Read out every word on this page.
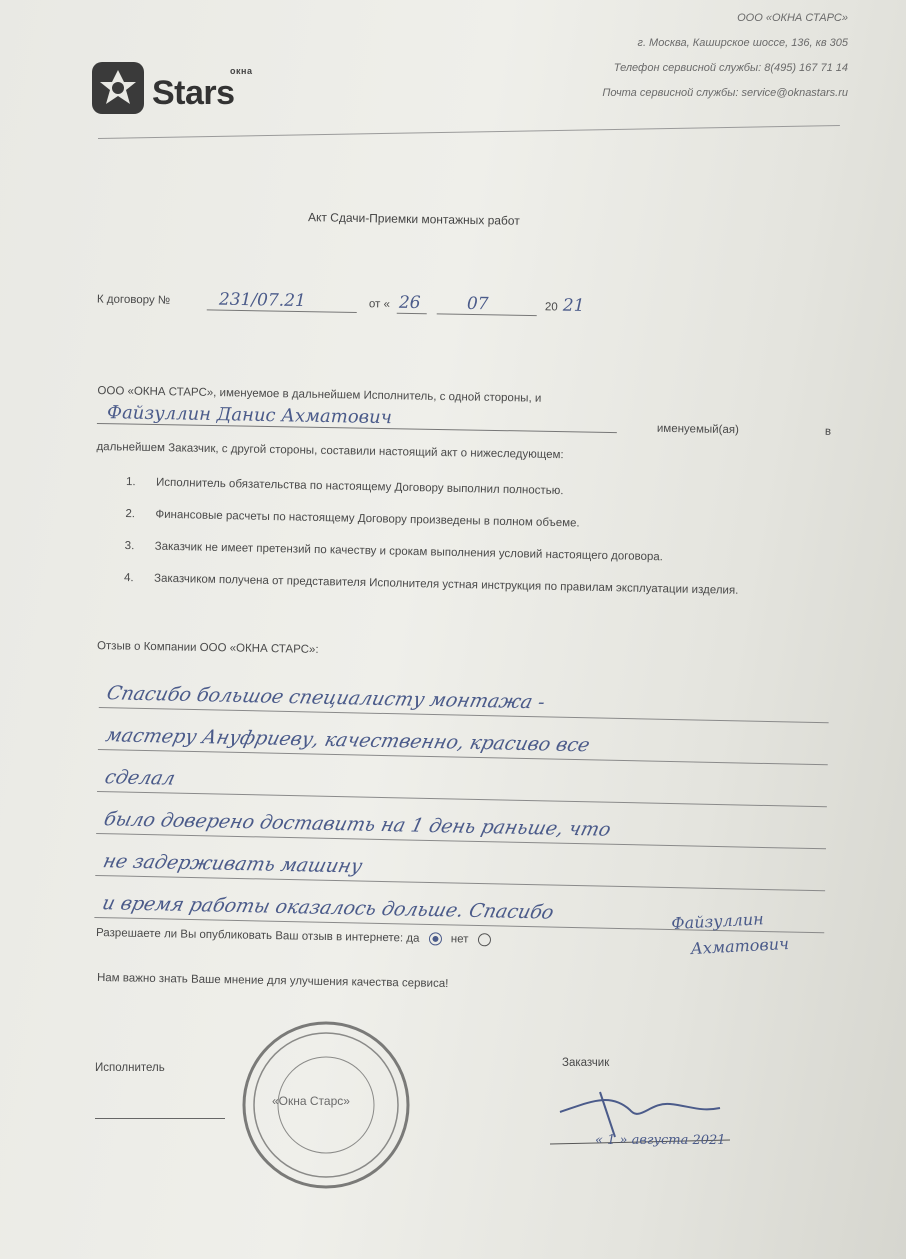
окна
Stars
ООО «ОКНА СТАРС»
г. Москва, Каширское шоссе, 136, кв 305
Телефон сервисной службы: 8(495) 167 71 14
Почта сервисной службы: service@oknastars.ru
Акт Сдачи-Приемки монтажных работ
К договору №	231/07.21	от « 26	07	20 21
ООО «ОКНА СТАРС», именуемое в дальнейшем Исполнитель, с одной стороны, и
Файзуллин Данис Ахматович
именуемый(ая)	в
дальнейшем Заказчик, с другой стороны, составили настоящий акт о нижеследующем:
1. Исполнитель обязательства по настоящему Договору выполнил полностью.
2. Финансовые расчеты по настоящему Договору произведены в полном объеме.
3. Заказчик не имеет претензий по качеству и срокам выполнения условий настоящего договора.
4. Заказчиком получена от представителя Исполнителя устная инструкция по правилам эксплуатации изделия.
Отзыв о Компании ООО «ОКНА СТАРС»:
Спасибо большое специалисту монтажа -
мастеру Ануфриеву, качественно, красиво все
сделал
было доверено доставить на 1 день раньше, что
не задерживать машину
и время работы оказалось дольше. Спасибо
Разрешаете ли Вы опубликовать Ваш отзыв в интернете: да	нет
Файзуллин
Ахматович
Нам важно знать Ваше мнение для улучшения качества сервиса!
Исполнитель
«Окна Старс»
Заказчик
« 1 » августа 2021
